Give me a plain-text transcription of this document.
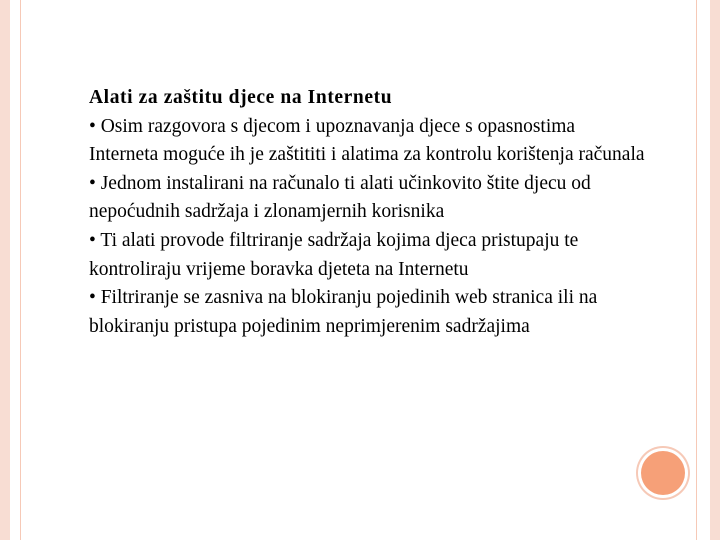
Alati za zaštitu djece na Internetu
• Osim razgovora s djecom i upoznavanja djece s opasnostima Interneta moguće ih je zaštititi i alatima za kontrolu korištenja računala
• Jednom instalirani na računalo ti alati učinkovito štite djecu od nepoćudnih sadržaja i zlonamjernih korisnika
• Ti alati provode filtriranje sadržaja kojima djeca pristupaju te kontroliraju vrijeme boravka djeteta na Internetu
• Filtriranje se zasniva na blokiranju pojedinih web stranica ili na blokiranju pristupa pojedinim neprimjerenim sadržajima
